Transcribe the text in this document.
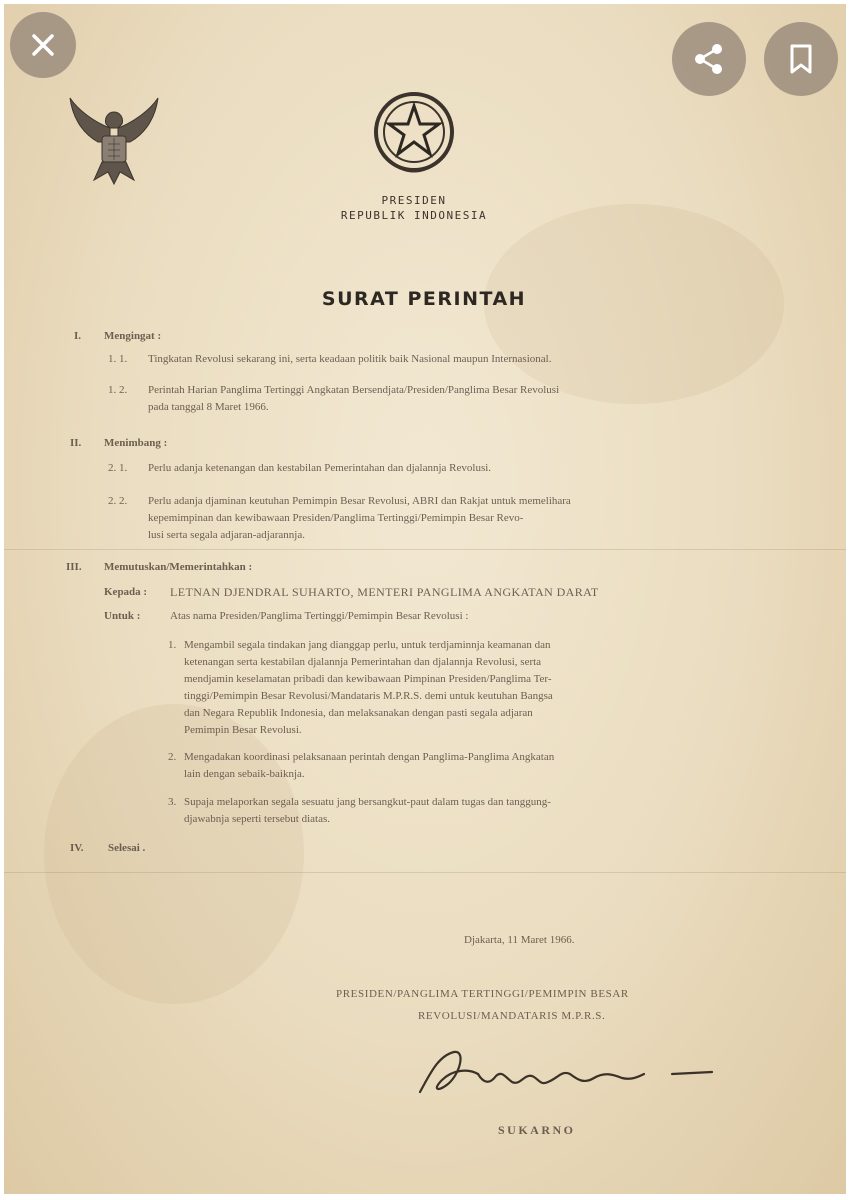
PRESIDEN
REPUBLIK INDONESIA
SURAT PERINTAH
I. Mengingat :
1. 1. Tingkatan Revolusi sekarang ini, serta keadaan politik baik Nasional maupun Internasional.
1. 2. Perintah Harian Panglima Tertinggi Angkatan Bersendjata/Presiden/Panglima Besar Revolusi
pada tanggal 8 Maret 1966.
II. Menimbang :
2. 1. Perlu adanja ketenangan dan kestabilan Pemerintahan dan djalannja Revolusi.
2. 2. Perlu adanja djaminan keutuhan Pemimpin Besar Revolusi, ABRI dan Rakjat untuk memelihara
kepemimpinan dan kewibawaan Presiden/Panglima Tertinggi/Pemimpin Besar Revo-
lusi serta segala adjaran-adjarannja.
III. Memutuskan/Memerintahkan :
Kepada : LETNAN DJENDRAL SUHARTO, MENTERI PANGLIMA ANGKATAN DARAT
Untuk :	Atas nama Presiden/Panglima Tertinggi/Pemimpin Besar Revolusi :
1. Mengambil segala tindakan jang dianggap perlu, untuk terdjaminnja keamanan dan
ketenangan serta kestabilan djalannja Pemerintahan dan djalannja Revolusi, serta
mendjamin keselamatan pribadi dan kewibawaan Pimpinan Presiden/Panglima Ter-
tinggi/Pemimpin Besar Revolusi/Mandataris M.P.R.S. demi untuk keutuhan Bangsa
dan Negara Republik Indonesia, dan melaksanakan dengan pasti segala adjaran
Pemimpin Besar Revolusi.
2. Mengadakan koordinasi pelaksanaan perintah dengan Panglima-Panglima Angkatan
lain dengan sebaik-baiknja.
3. Supaja melaporkan segala sesuatu jang bersangkut-paut dalam tugas dan tanggung-
djawabnja seperti tersebut diatas.
IV. Selesai .
Djakarta, 11 Maret 1966.
PRESIDEN/PANGLIMA TERTINGGI/PEMIMPIN BESAR
REVOLUSI/MANDATARIS M.P.R.S.
SUKARNO
